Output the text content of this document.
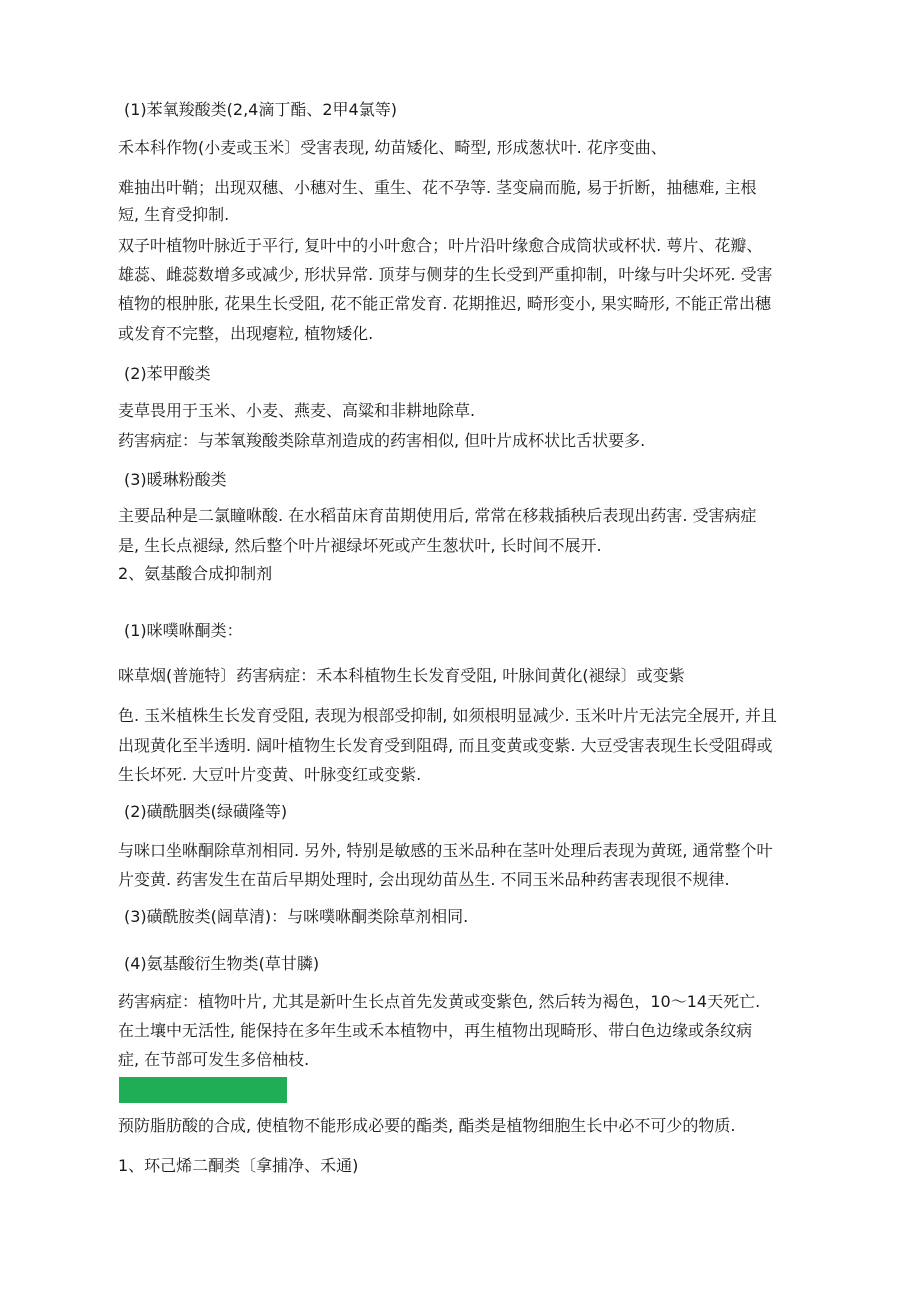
(1)苯氧羧酸类(2,4滴丁酯、2甲4氯等)
禾本科作物(小麦或玉米〕受害表现, 幼苗矮化、畸型, 形成葱状叶. 花序变曲、
难抽出叶鞘；出现双穗、小穗对生、重生、花不孕等. 茎变扁而脆, 易于折断，抽穗难, 主根
短, 生育受抑制.
双子叶植物叶脉近于平行, 复叶中的小叶愈合；叶片沿叶缘愈合成筒状或杯状. 萼片、花瓣、
雄蕊、雌蕊数增多或减少, 形状异常. 顶芽与侧芽的生长受到严重抑制，叶缘与叶尖坏死. 受害
植物的根肿胀, 花果生长受阻, 花不能正常发育. 花期推迟, 畸形变小, 果实畸形, 不能正常出穗
或发育不完整，出现瘪粒, 植物矮化.
(2)苯甲酸类
麦草畏用于玉米、小麦、燕麦、高粱和非耕地除草.
药害病症：与苯氧羧酸类除草剂造成的药害相似, 但叶片成杯状比舌状要多.
(3)暖琳粉酸类
主要品种是二氯瞳咻酸. 在水稻苗床育苗期使用后, 常常在移栽插秧后表现出药害. 受害病症
是, 生长点褪绿, 然后整个叶片褪绿坏死或产生葱状叶, 长时间不展开.
2、氨基酸合成抑制剂
(1)咪噗咻酮类：
咪草烟(普施特〕药害病症：禾本科植物生长发育受阻, 叶脉间黄化(褪绿〕或变紫
色. 玉米植株生长发育受阻, 表现为根部受抑制, 如须根明显减少. 玉米叶片无法完全展开, 并且
出现黄化至半透明. 阔叶植物生长发育受到阻碍, 而且变黄或变紫. 大豆受害表现生长受阻碍或
生长坏死. 大豆叶片变黄、叶脉变红或变紫.
(2)磺酰胭类(绿磺隆等)
与咪口坐咻酮除草剂相同. 另外, 特别是敏感的玉米品种在茎叶处理后表现为黄斑, 通常整个叶
片变黄. 药害发生在苗后早期处理时, 会出现幼苗丛生. 不同玉米品种药害表现很不规律.
(3)磺酰胺类(阔草清)：与咪噗咻酮类除草剂相同.
(4)氨基酸衍生物类(草甘膦)
药害病症：植物叶片, 尤其是新叶生长点首先发黄或变紫色, 然后转为褐色，10～14天死亡.
在土壤中无活性, 能保持在多年生或禾本植物中，再生植物出现畸形、带白色边缘或条纹病
症, 在节部可发生多倍柚枝.
预防脂肪酸的合成, 使植物不能形成必要的酯类, 酯类是植物细胞生长中必不可少的物质.
1、环己烯二酮类〔拿捕净、禾通)
